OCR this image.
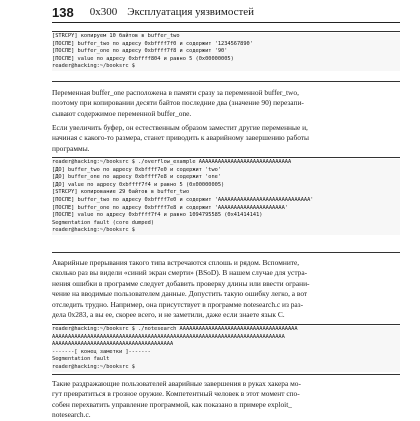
138 0x300 Эксплуатация уязвимостей
[STRCPY] копируем 10 байтов в buffer_two
[ПОСЛЕ] buffer_two по адресу 0xbffff7f0 и содержит '1234567890'
[ПОСЛЕ] buffer_one по адресу 0xbffff7f8 и содержит '90'
[ПОСЛЕ] value по адресу 0xbffff804 и равно 5 (0x00000005)
reader@hacking:~/booksrc $
Переменная buffer_one расположена в памяти сразу за переменной buffer_two,
поэтому при копировании десяти байтов последние два (значение 90) перезапи-
сывают содержимое переменной buffer_one.
Если увеличить буфер, он естественным образом заместит другие переменные и,
начиная с какого-то размера, станет приводить к аварийному завершению работы
программы.
reader@hacking:~/booksrc $ ./overflow_example AAAAAAAAAAAAAAAAAAAAAAAAAAAAA
[ДО] buffer_two по адресу 0xbffff7e0 и содержит 'two'
[ДО] buffer_one по адресу 0xbffff7e8 и содержит 'one'
[ДО] value по адресу 0xbffff7f4 и равно 5 (0x00000005)
[STRCPY] копирование 29 байтов в buffer_two
[ПОСЛЕ] buffer_two по адресу 0xbffff7e0 и содержит 'AAAAAAAAAAAAAAAAAAAAAAAAAAAAA'
[ПОСЛЕ] buffer_one по адресу 0xbffff7e8 и содержит 'AAAAAAAAAAAAAAAAAAAAA'
[ПОСЛЕ] value по адресу 0xbffff7f4 и равно 1094795585 (0x41414141)
Segmentation fault (core dumped)
reader@hacking:~/booksrc $
Аварийные прерывания такого типа встречаются сплошь и рядом. Вспомните,
сколько раз вы видели «синий экран смерти» (BSoD). В нашем случае для устра-
нения ошибки в программе следует добавить проверку длины или ввести ограни-
чение на вводимые пользователем данные. Допустить такую ошибку легко, а вот
отследить трудно. Например, она присутствует в программе notesearch.c из раз-
дела 0x283, а вы ее, скорее всего, и не заметили, даже если знаете язык C.
reader@hacking:~/booksrc $ ./notesearch AAAAAAAAAAAAAAAAAAAAAAAAAAAAAAAAAAAAA
AAAAAAAAAAAAAAAAAAAAAAAAAAAAAAAAAAAAAAAAAAAAAAAAAAAAAAAAAAAAAAAAAAAAAAAAA
AAAAAAAAAAAAAAAAAAAAAAAAAAAAAAAAAAAAAA
-------[ конец заметки ]-------
Segmentation fault
reader@hacking:~/booksrc $
Такие раздражающие пользователей аварийные завершения в руках хакера мо-
гут превратиться в грозное оружие. Компетентный человек в этот момент спо-
собен перехватить управление программой, как показано в примере exploit_
notesearch.c.
